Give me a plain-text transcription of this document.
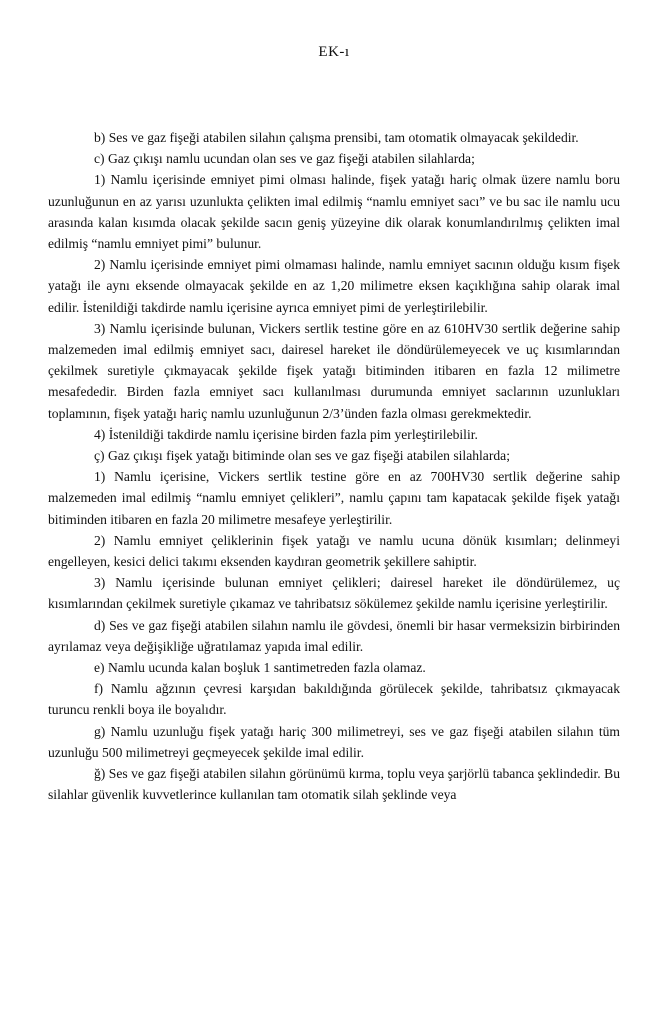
EK-ı

b) Ses ve gaz fişeği atabilen silahın çalışma prensibi, tam otomatik olmayacak şekildedir.

c) Gaz çıkışı namlu ucundan olan ses ve gaz fişeği atabilen silahlarda;

1) Namlu içerisinde emniyet pimi olması halinde, fişek yatağı hariç olmak üzere namlu boru uzunluğunun en az yarısı uzunlukta çelikten imal edilmiş “namlu emniyet sacı” ve bu sac ile namlu ucu arasında kalan kısımda olacak şekilde sacın geniş yüzeyine dik olarak konumlandırılmış çelikten imal edilmiş “namlu emniyet pimi” bulunur.

2) Namlu içerisinde emniyet pimi olmaması halinde, namlu emniyet sacının olduğu kısım fişek yatağı ile aynı eksende olmayacak şekilde en az 1,20 milimetre eksen kaçıklığına sahip olarak imal edilir. İstenildiği takdirde namlu içerisine ayrıca emniyet pimi de yerleştirilebilir.

3) Namlu içerisinde bulunan, Vickers sertlik testine göre en az 610HV30 sertlik değerine sahip malzemeden imal edilmiş emniyet sacı, dairesel hareket ile döndürülemeyecek ve uç kısımlarından çekilmek suretiyle çıkmayacak şekilde fişek yatağı bitiminden itibaren en fazla 12 milimetre mesafededir. Birden fazla emniyet sacı kullanılması durumunda emniyet saclarının uzunlukları toplamının, fişek yatağı hariç namlu uzunluğunun 2/3’ünden fazla olması gerekmektedir.

4) İstenildiği takdirde namlu içerisine birden fazla pim yerleştirilebilir.

ç) Gaz çıkışı fişek yatağı bitiminde olan ses ve gaz fişeği atabilen silahlarda;

1) Namlu içerisine, Vickers sertlik testine göre en az 700HV30 sertlik değerine sahip malzemeden imal edilmiş “namlu emniyet çelikleri”, namlu çapını tam kapatacak şekilde fişek yatağı bitiminden itibaren en fazla 20 milimetre mesafeye yerleştirilir.

2) Namlu emniyet çeliklerinin fişek yatağı ve namlu ucuna dönük kısımları; delinmeyi engelleyen, kesici delici takımı eksenden kaydıran geometrik şekillere sahiptir.

3) Namlu içerisinde bulunan emniyet çelikleri; dairesel hareket ile döndürülemez, uç kısımlarından çekilmek suretiyle çıkamaz ve tahribatsız sökülemez şekilde namlu içerisine yerleştirilir.

d) Ses ve gaz fişeği atabilen silahın namlu ile gövdesi, önemli bir hasar vermeksizin birbirinden ayrılamaz veya değişikliğe uğratılamaz yapıda imal edilir.

e) Namlu ucunda kalan boşluk 1 santimetreden fazla olamaz.

f) Namlu ağzının çevresi karşıdan bakıldığında görülecek şekilde, tahribatsız çıkmayacak turuncu renkli boya ile boyalıdır.

g) Namlu uzunluğu fişek yatağı hariç 300 milimetreyi, ses ve gaz fişeği atabilen silahın tüm uzunluğu 500 milimetreyi geçmeyecek şekilde imal edilir.

ğ) Ses ve gaz fişeği atabilen silahın görünümü kırma, toplu veya şarjörlü tabanca şeklindedir. Bu silahlar güvenlik kuvvetlerince kullanılan tam otomatik silah şeklinde veya
